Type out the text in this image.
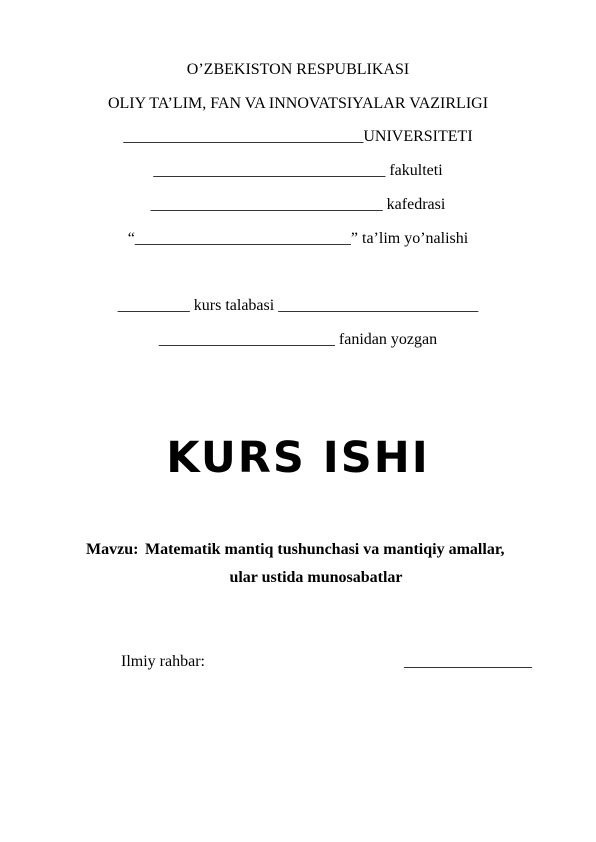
O’ZBEKISTON RESPUBLIKASI
OLIY TA’LIM, FAN VA INNOVATSIYALAR VAZIRLIGI
______________________________UNIVERSITETI
_____________________________ fakulteti
_____________________________ kafedrasi
“___________________________” ta’lim yo’nalishi
_________ kurs talabasi _________________________
______________________ fanidan yozgan
KURS ISHI
Mavzu: Matematik mantiq tushunchasi va mantiqiy amallar,
ular ustida munosabatlar
Ilmiy rahbar:	________________
